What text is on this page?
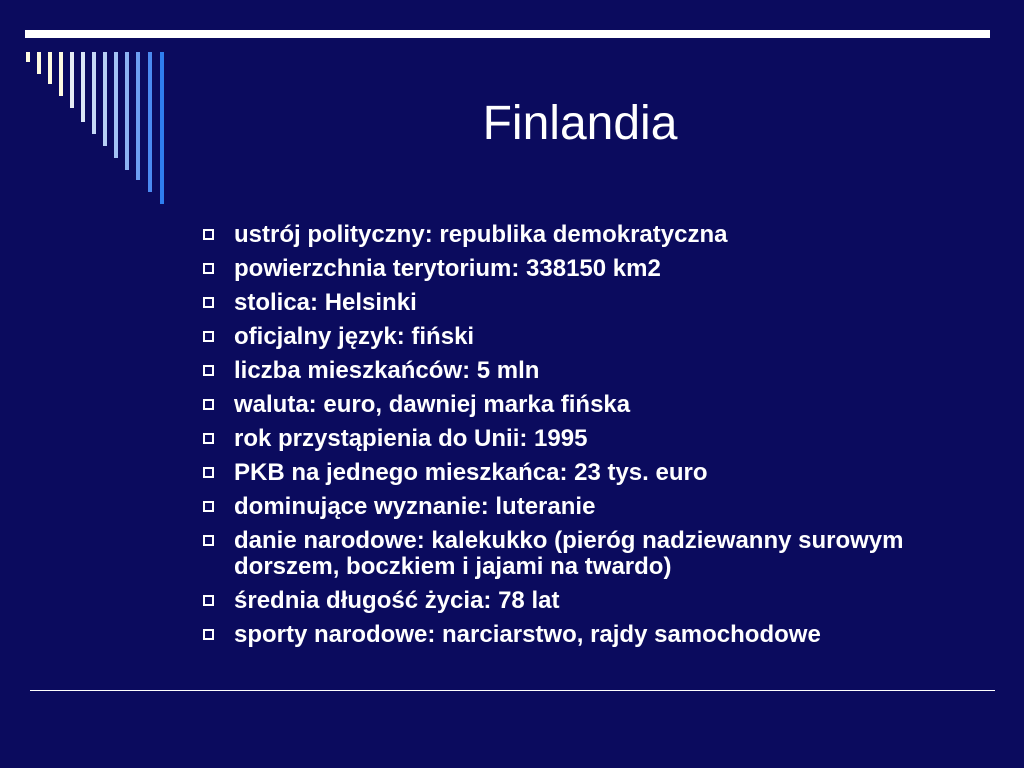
Finlandia
ustrój polityczny: republika demokratyczna
powierzchnia terytorium: 338150 km2
stolica: Helsinki
oficjalny język: fiński
liczba mieszkańców: 5 mln
waluta: euro, dawniej marka fińska
rok przystąpienia do Unii: 1995
PKB na jednego mieszkańca: 23 tys. euro
dominujące wyznanie: luteranie
danie narodowe: kalekukko (pieróg nadziewanny surowym dorszem, boczkiem i jajami na twardo)
średnia długość życia: 78 lat
sporty narodowe: narciarstwo, rajdy samochodowe
